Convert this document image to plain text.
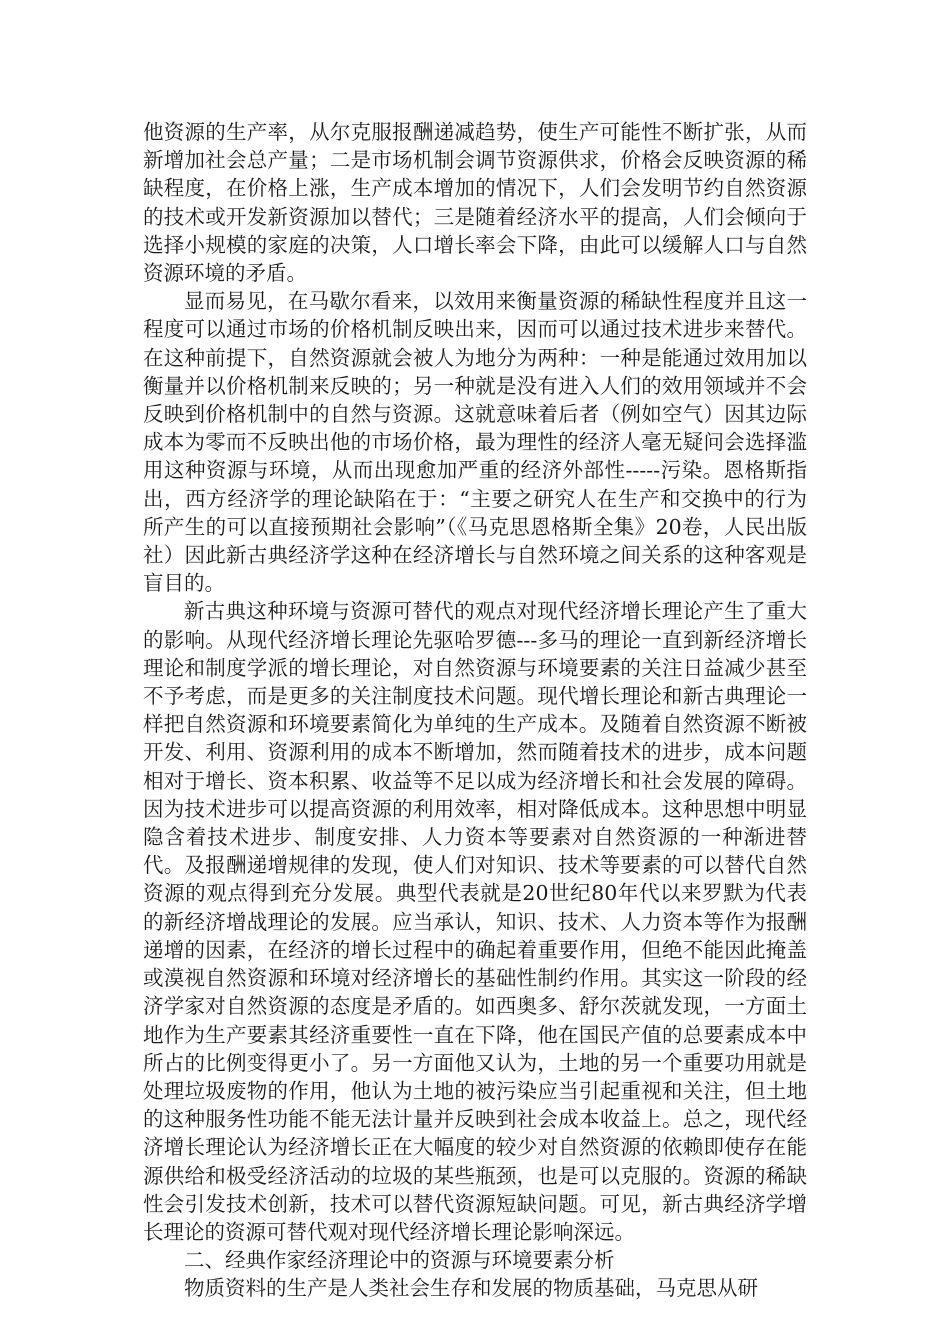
他资源的生产率，从尔克服报酬递减趋势，使生产可能性不断扩张，从而新增加社会总产量；二是市场机制会调节资源供求，价格会反映资源的稀缺程度，在价格上涨，生产成本增加的情况下，人们会发明节约自然资源的技术或开发新资源加以替代；三是随着经济水平的提高，人们会倾向于选择小规模的家庭的决策，人口增长率会下降，由此可以缓解人口与自然资源环境的矛盾。

显而易见，在马歇尔看来，以效用来衡量资源的稀缺性程度并且这一程度可以通过市场的价格机制反映出来，因而可以通过技术进步来替代。在这种前提下，自然资源就会被人为地分为两种：一种是能通过效用加以衡量并以价格机制来反映的；另一种就是没有进入人们的效用领域并不会反映到价格机制中的自然与资源。这就意味着后者（例如空气）因其边际成本为零而不反映出他的市场价格，最为理性的经济人毫无疑问会选择滥用这种资源与环境，从而出现愈加严重的经济外部性-----污染。恩格斯指出，西方经济学的理论缺陷在于：“主要之研究人在生产和交换中的行为所产生的可以直接预期社会影响”（《马克思恩格斯全集》20卷，人民出版社）因此新古典经济学这种在经济增长与自然环境之间关系的这种客观是盲目的。

新古典这种环境与资源可替代的观点对现代经济增长理论产生了重大的影响。从现代经济增长理论先驱哈罗德---多马的理论一直到新经济增长理论和制度学派的增长理论，对自然资源与环境要素的关注日益减少甚至不予考虑，而是更多的关注制度技术问题。现代增长理论和新古典理论一样把自然资源和环境要素简化为单纯的生产成本。及随着自然资源不断被开发、利用、资源利用的成本不断增加，然而随着技术的进步，成本问题相对于增长、资本积累、收益等不足以成为经济增长和社会发展的障碍。因为技术进步可以提高资源的利用效率，相对降低成本。这种思想中明显隐含着技术进步、制度安排、人力资本等要素对自然资源的一种渐进替代。及报酬递增规律的发现，使人们对知识、技术等要素的可以替代自然资源的观点得到充分发展。典型代表就是20世纪80年代以来罗默为代表的新经济增战理论的发展。应当承认，知识、技术、人力资本等作为报酬递增的因素，在经济的增长过程中的确起着重要作用，但绝不能因此掩盖或漠视自然资源和环境对经济增长的基础性制约作用。其实这一阶段的经济学家对自然资源的态度是矛盾的。如西奥多、舒尔茨就发现，一方面土地作为生产要素其经济重要性一直在下降，他在国民产值的总要素成本中所占的比例变得更小了。另一方面他又认为，土地的另一个重要功用就是处理垃圾废物的作用，他认为土地的被污染应当引起重视和关注，但土地的这种服务性功能不能无法计量并反映到社会成本收益上。总之，现代经济增长理论认为经济增长正在大幅度的较少对自然资源的依赖即使存在能源供给和极受经济活动的垃圾的某些瓶颈，也是可以克服的。资源的稀缺性会引发技术创新，技术可以替代资源短缺问题。可见，新古典经济学增长理论的资源可替代观对现代经济增长理论影响深远。

二、经典作家经济理论中的资源与环境要素分析

物质资料的生产是人类社会生存和发展的物质基础，马克思从研
